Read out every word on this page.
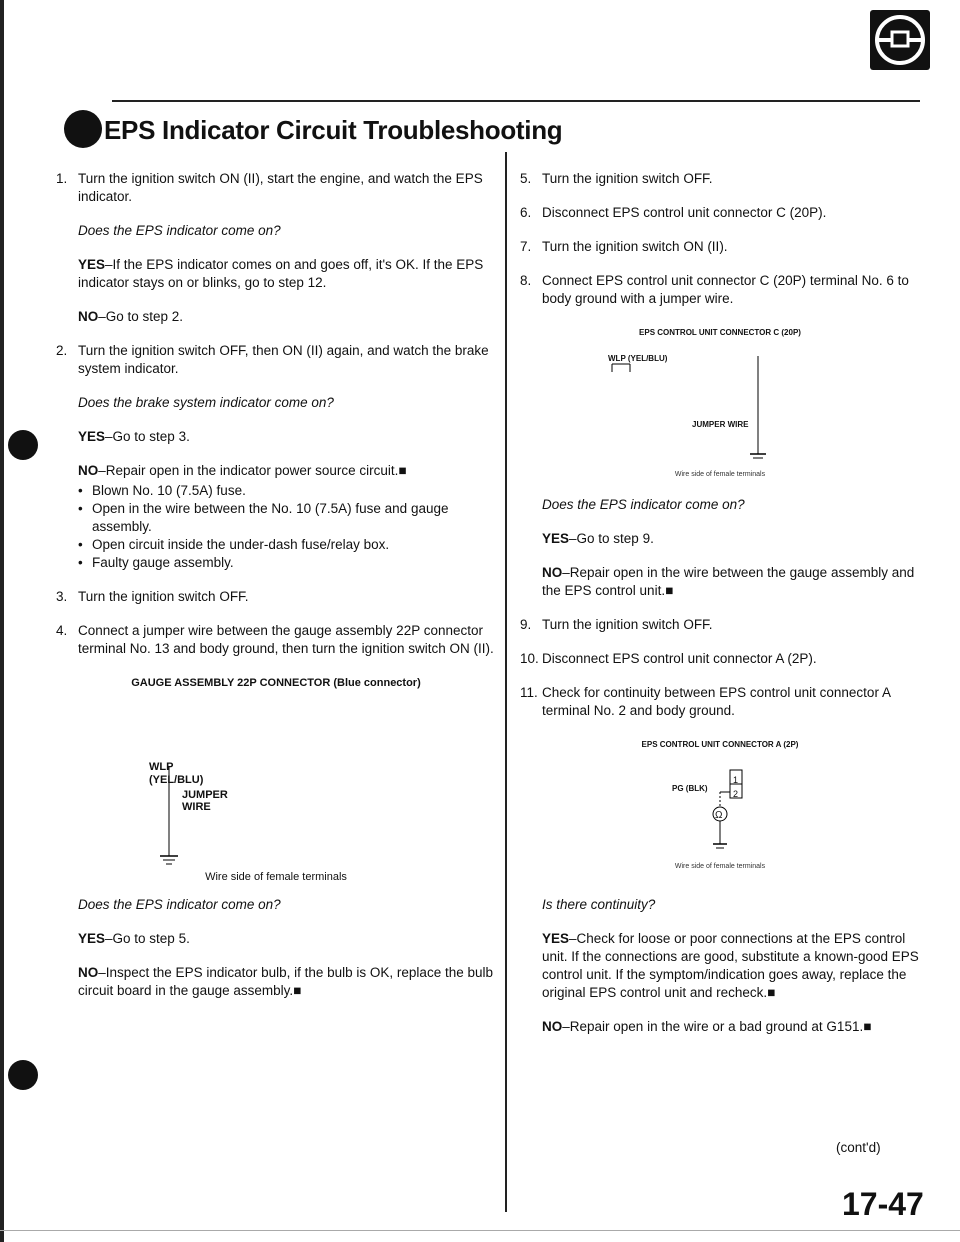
EPS Indicator Circuit Troubleshooting
1. Turn the ignition switch ON (II), start the engine, and watch the EPS indicator.
Does the EPS indicator come on?
YES–If the EPS indicator comes on and goes off, it's OK. If the EPS indicator stays on or blinks, go to step 12.
NO–Go to step 2.
2. Turn the ignition switch OFF, then ON (II) again, and watch the brake system indicator.
Does the brake system indicator come on?
YES–Go to step 3.
NO–Repair open in the indicator power source circuit.■
• Blown No. 10 (7.5A) fuse.
• Open in the wire between the No. 10 (7.5A) fuse and gauge assembly.
• Open circuit inside the under-dash fuse/relay box.
• Faulty gauge assembly.
3. Turn the ignition switch OFF.
4. Connect a jumper wire between the gauge assembly 22P connector terminal No. 13 and body ground, then turn the ignition switch ON (II).
GAUGE ASSEMBLY 22P CONNECTOR (Blue connector)
WLP
(YEL/BLU)
JUMPER
WIRE
Wire side of female terminals
Does the EPS indicator come on?
YES–Go to step 5.
NO–Inspect the EPS indicator bulb, if the bulb is OK, replace the bulb circuit board in the gauge assembly.■
5. Turn the ignition switch OFF.
6. Disconnect EPS control unit connector C (20P).
7. Turn the ignition switch ON (II).
8. Connect EPS control unit connector C (20P) terminal No. 6 to body ground with a jumper wire.
EPS CONTROL UNIT CONNECTOR C (20P)
WLP (YEL/BLU)
JUMPER WIRE
Wire side of female terminals
Does the EPS indicator come on?
YES–Go to step 9.
NO–Repair open in the wire between the gauge assembly and the EPS control unit.■
9. Turn the ignition switch OFF.
10. Disconnect EPS control unit connector A (2P).
11. Check for continuity between EPS control unit connector A terminal No. 2 and body ground.
EPS CONTROL UNIT CONNECTOR A (2P)
PG (BLK)
1
2
Ω
Wire side of female terminals
Is there continuity?
YES–Check for loose or poor connections at the EPS control unit. If the connections are good, substitute a known-good EPS control unit. If the symptom/indication goes away, replace the original EPS control unit and recheck.■
NO–Repair open in the wire or a bad ground at G151.■
(cont'd)
17-47
